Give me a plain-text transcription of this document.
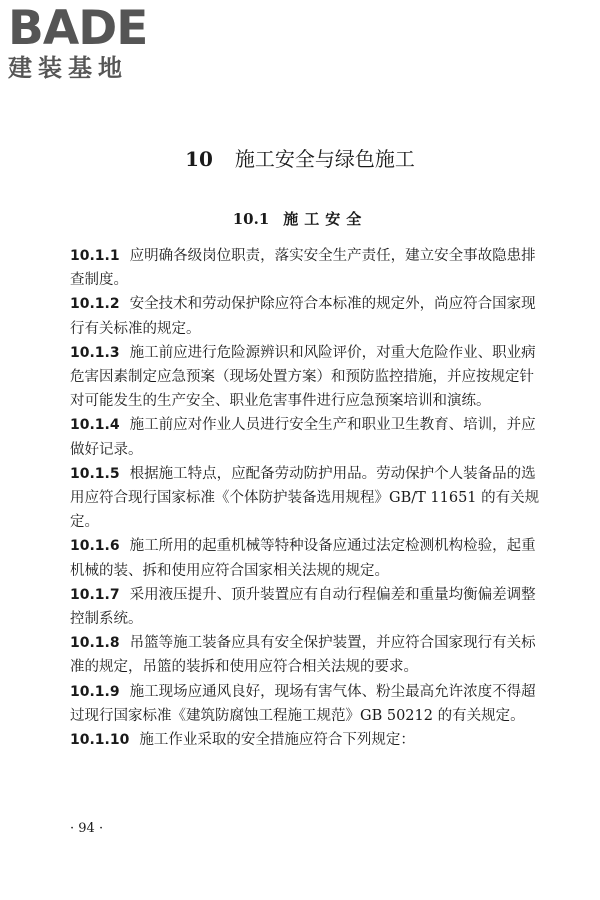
BADE
建装基地
10 施工安全与绿色施工
10.1 施工安全

10.1.1 应明确各级岗位职责，落实安全生产责任，建立安全事故隐患排查制度。

10.1.2 安全技术和劳动保护除应符合本标准的规定外，尚应符合国家现行有关标准的规定。

10.1.3 施工前应进行危险源辨识和风险评价，对重大危险作业、职业病危害因素制定应急预案（现场处置方案）和预防监控措施，并应按规定针对可能发生的生产安全、职业危害事件进行应急预案培训和演练。

10.1.4 施工前应对作业人员进行安全生产和职业卫生教育、培训，并应做好记录。

10.1.5 根据施工特点，应配备劳动防护用品。劳动保护个人装备品的选用应符合现行国家标准《个体防护装备选用规程》GB/T 11651 的有关规定。

10.1.6 施工所用的起重机械等特种设备应通过法定检测机构检验，起重机械的装、拆和使用应符合国家相关法规的规定。

10.1.7 采用液压提升、顶升装置应有自动行程偏差和重量均衡偏差调整控制系统。

10.1.8 吊篮等施工装备应具有安全保护装置，并应符合国家现行有关标准的规定，吊篮的装拆和使用应符合相关法规的要求。

10.1.9 施工现场应通风良好，现场有害气体、粉尘最高允许浓度不得超过现行国家标准《建筑防腐蚀工程施工规范》GB 50212 的有关规定。

10.1.10 施工作业采取的安全措施应符合下列规定：

· 94 ·
